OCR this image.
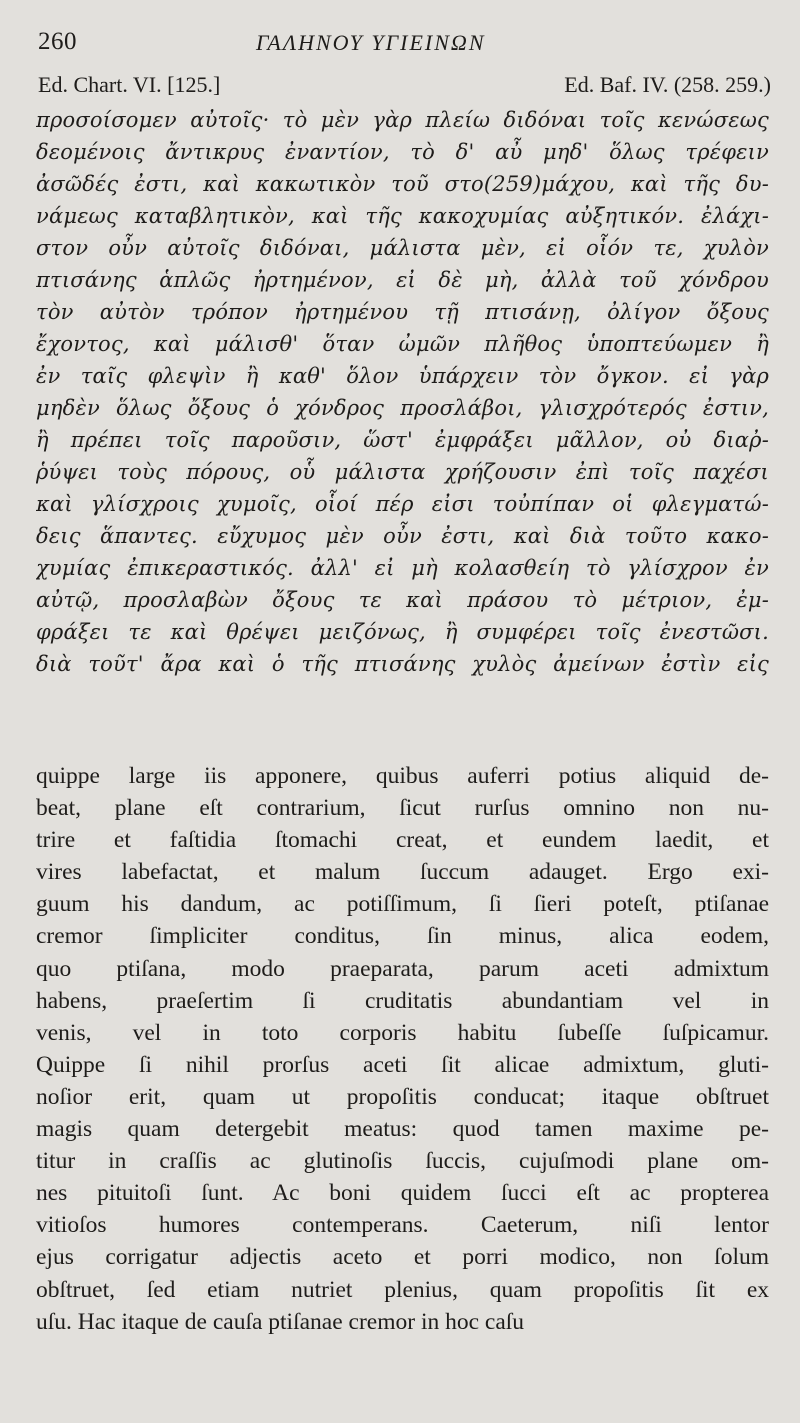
260	ΓΑΛΗΝΟΥ ΥΓΙΕΙΝΩΝ
Ed. Chart. VI. [125.]	Ed. Baf. IV. (258. 259.)
προσοίσομεν αὐτοῖς· τὸ μὲν γὰρ πλείω διδόναι τοῖς κενώσεως
δεομένοις ἄντικρυς ἐναντίον, τὸ δ' αὖ μηδ' ὅλως τρέφειν
ἀσῶδές ἐστι, καὶ κακωτικὸν τοῦ στο(259)μάχου, καὶ τῆς δυ-
νάμεως καταβλητικὸν, καὶ τῆς κακοχυμίας αὐξητικόν. ἐλάχι-
στον οὖν αὐτοῖς διδόναι, μάλιστα μὲν, εἰ οἷόν τε, χυλὸν
πτισάνης ἁπλῶς ἠρτημένον, εἰ δὲ μὴ, ἀλλὰ τοῦ χόνδρου
τὸν αὐτὸν τρόπον ἠρτημένου τῇ πτισάνῃ, ὀλίγον ὄξους
ἔχοντος, καὶ μάλισθ' ὅταν ὠμῶν πλῆθος ὑποπτεύωμεν ἢ
ἐν ταῖς φλεψὶν ἢ καθ' ὅλον ὑπάρχειν τὸν ὄγκον. εἰ γὰρ
μηδὲν ὅλως ὄξους ὁ χόνδρος προσλάβοι, γλισχρότερός ἐστιν,
ἢ πρέπει τοῖς παροῦσιν, ὥστ' ἐμφράξει μᾶλλον, οὐ διαῤ-
ῥύψει τοὺς πόρους, οὗ μάλιστα χρήζουσιν ἐπὶ τοῖς παχέσι
καὶ γλίσχροις χυμοῖς, οἷοί πέρ εἰσι τοὐπίπαν οἱ φλεγματώ-
δεις ἅπαντες. εὔχυμος μὲν οὖν ἐστι, καὶ διὰ τοῦτο κακο-
χυμίας ἐπικεραστικός. ἀλλ' εἰ μὴ κολασθείη τὸ γλίσχρον ἐν
αὐτῷ, προσλαβὼν ὄξους τε καὶ πράσου τὸ μέτριον, ἐμ-
φράξει τε καὶ θρέψει μειζόνως, ἢ συμφέρει τοῖς ἐνεστῶσι.
διὰ τοῦτ' ἄρα καὶ ὁ τῆς πτισάνης χυλὸς ἀμείνων ἐστὶν εἰς
quippe large iis apponere, quibus auferri potius aliquid de-
beat, plane eſt contrarium, ſicut rurſus omnino non nu-
trire et faſtidia ſtomachi creat, et eundem laedit, et
vires labefactat, et malum ſuccum adauget. Ergo exi-
guum his dandum, ac potiſſimum, ſi ſieri poteſt, ptiſanae
cremor ſimpliciter conditus, ſin minus, alica eodem,
quo ptiſana, modo praeparata, parum aceti admixtum
habens, praeſertim ſi cruditatis abundantiam vel in
venis, vel in toto corporis habitu ſubeſſe ſuſpicamur.
Quippe ſi nihil prorſus aceti ſit alicae admixtum, gluti-
noſior erit, quam ut propoſitis conducat; itaque obſtruet
magis quam detergebit meatus: quod tamen maxime pe-
titur in craſſis ac glutinoſis ſuccis, cujuſmodi plane om-
nes pituitoſi ſunt. Ac boni quidem ſucci eſt ac propterea
vitioſos humores contemperans. Caeterum, niſi lentor
ejus corrigatur adjectis aceto et porri modico, non ſolum
obſtruet, ſed etiam nutriet plenius, quam propoſitis ſit ex
uſu. Hac itaque de cauſa ptiſanae cremor in hoc caſu
